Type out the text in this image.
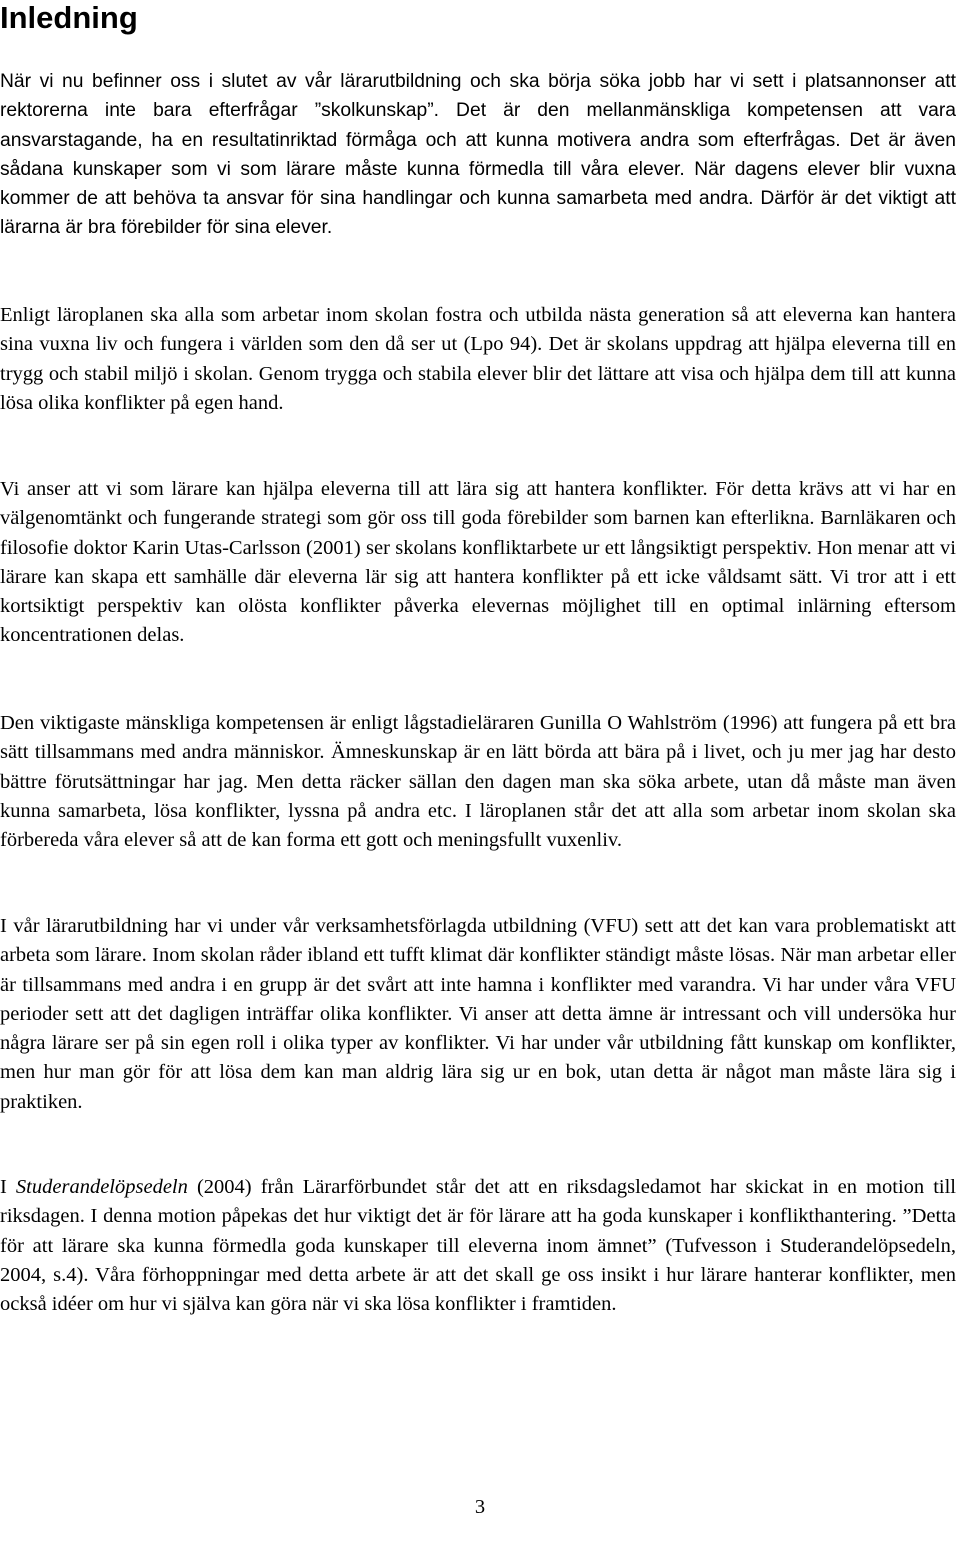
Inledning

När vi nu befinner oss i slutet av vår lärarutbildning och ska börja söka jobb har vi sett i platsannonser att rektorerna inte bara efterfrågar ”skolkunskap”. Det är den mellanmänskliga kompetensen att vara ansvarstagande, ha en resultatinriktad förmåga och att kunna motivera andra som efterfrågas. Det är även sådana kunskaper som vi som lärare måste kunna förmedla till våra elever. När dagens elever blir vuxna kommer de att behöva ta ansvar för sina handlingar och kunna samarbeta med andra. Därför är det viktigt att lärarna är bra förebilder för sina elever.

Enligt läroplanen ska alla som arbetar inom skolan fostra och utbilda nästa generation så att eleverna kan hantera sina vuxna liv och fungera i världen som den då ser ut (Lpo 94). Det är skolans uppdrag att hjälpa eleverna till en trygg och stabil miljö i skolan. Genom trygga och stabila elever blir det lättare att visa och hjälpa dem till att kunna lösa olika konflikter på egen hand.

Vi anser att vi som lärare kan hjälpa eleverna till att lära sig att hantera konflikter. För detta krävs att vi har en välgenomtänkt och fungerande strategi som gör oss till goda förebilder som barnen kan efterlikna. Barnläkaren och filosofie doktor Karin Utas-Carlsson (2001) ser skolans konfliktarbete ur ett långsiktigt perspektiv. Hon menar att vi lärare kan skapa ett samhälle där eleverna lär sig att hantera konflikter på ett icke våldsamt sätt. Vi tror att i ett kortsiktigt perspektiv kan olösta konflikter påverka elevernas möjlighet till en optimal inlärning eftersom koncentrationen delas.

Den viktigaste mänskliga kompetensen är enligt lågstadieläraren Gunilla O Wahlström (1996) att fungera på ett bra sätt tillsammans med andra människor. Ämneskunskap är en lätt börda att bära på i livet, och ju mer jag har desto bättre förutsättningar har jag. Men detta räcker sällan den dagen man ska söka arbete, utan då måste man även kunna samarbeta, lösa konflikter, lyssna på andra etc. I läroplanen står det att alla som arbetar inom skolan ska förbereda våra elever så att de kan forma ett gott och meningsfullt vuxenliv.

I vår lärarutbildning har vi under vår verksamhetsförlagda utbildning (VFU) sett att det kan vara problematiskt att arbeta som lärare. Inom skolan råder ibland ett tufft klimat där konflikter ständigt måste lösas. När man arbetar eller är tillsammans med andra i en grupp är det svårt att inte hamna i konflikter med varandra. Vi har under våra VFU perioder sett att det dagligen inträffar olika konflikter. Vi anser att detta ämne är intressant och vill undersöka hur några lärare ser på sin egen roll i olika typer av konflikter. Vi har under vår utbildning fått kunskap om konflikter, men hur man gör för att lösa dem kan man aldrig lära sig ur en bok, utan detta är något man måste lära sig i praktiken.

I Studerandelöpsedeln (2004) från Lärarförbundet står det att en riksdagsledamot har skickat in en motion till riksdagen. I denna motion påpekas det hur viktigt det är för lärare att ha goda kunskaper i konflikthantering. ”Detta för att lärare ska kunna förmedla goda kunskaper till eleverna inom ämnet” (Tufvesson i Studerandelöpsedeln, 2004, s.4). Våra förhoppningar med detta arbete är att det skall ge oss insikt i hur lärare hanterar konflikter, men också idéer om hur vi själva kan göra när vi ska lösa konflikter i framtiden.

3
